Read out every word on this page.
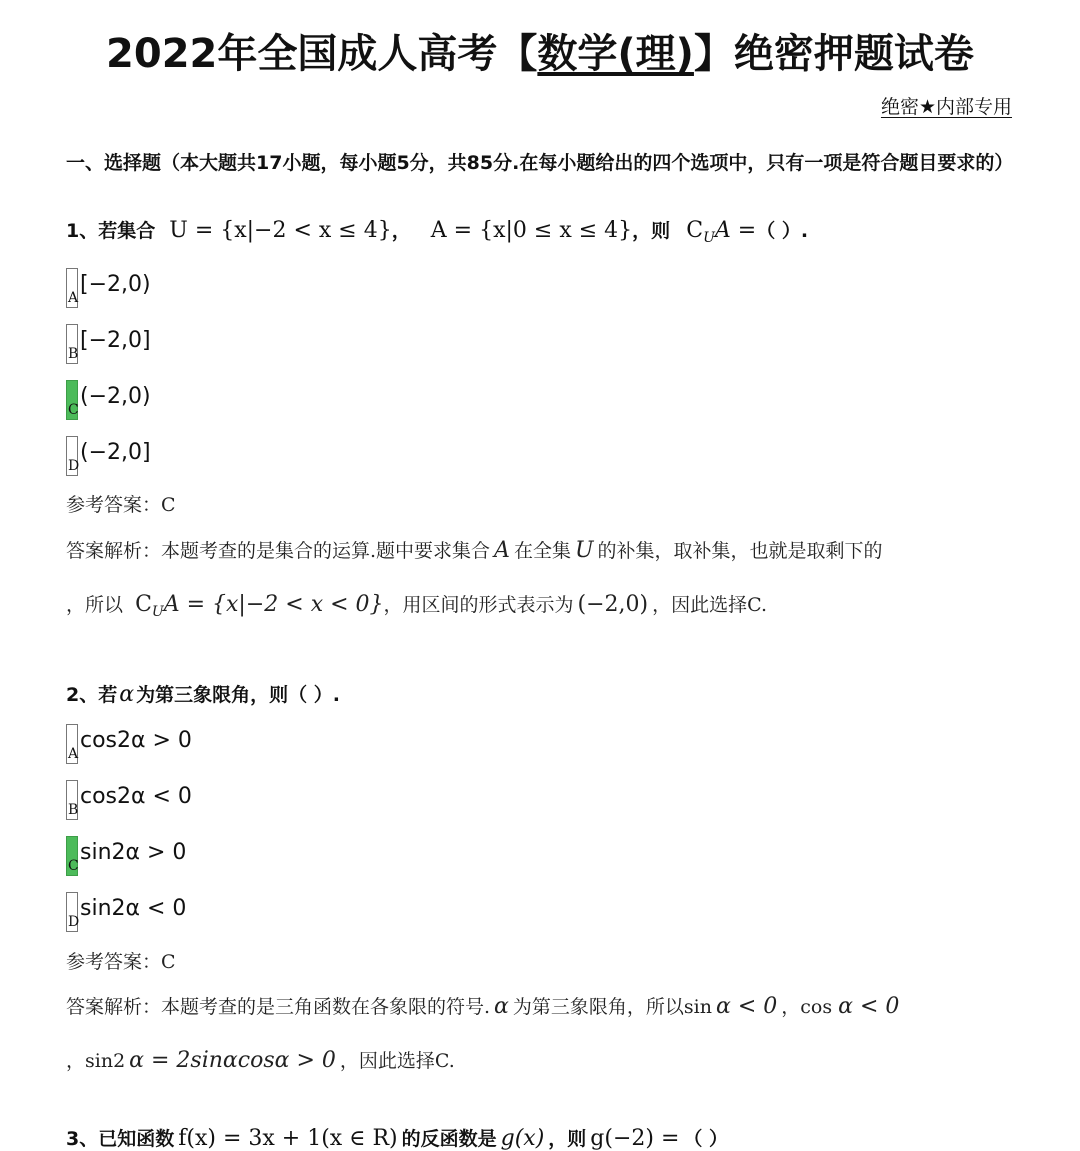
2022年全国成人高考【数学(理)】绝密押题试卷
绝密★内部专用
一、选择题（本大题共17小题，每小题5分，共85分.在每小题给出的四个选项中，只有一项是符合题目要求的）
1、若集合 U = {x|−2 < x ≤ 4}， A = {x|0 ≤ x ≤ 4}，则 $C_UA$ =（ ）.
A
[−2,0)
B
[−2,0]
C
(−2,0)
D
(−2,0]
参考答案：C
答案解析：本题考查的是集合的运算.题中要求集合 A 在全集 U 的补集，取补集，也就是取剩下的
，所以 $C_UA = \{x|-2 < x < 0\}$，用区间的形式表示为 (−2,0) ，因此选择C.
2、若α 为第三象限角，则（ ）.
A
cos2α > 0
B
cos2α < 0
C
sin2α > 0
D
sin2α < 0
参考答案：C
答案解析：本题考查的是三角函数在各象限的符号. α 为第三象限角，所以sin α < 0 ，cos α < 0
，sin2 α = 2sinαcosα > 0 ，因此选择C.
3、已知函数 f(x) = 3x + 1(x ∈ R) 的反函数是 g(x) ，则 g(−2) = （ ）
